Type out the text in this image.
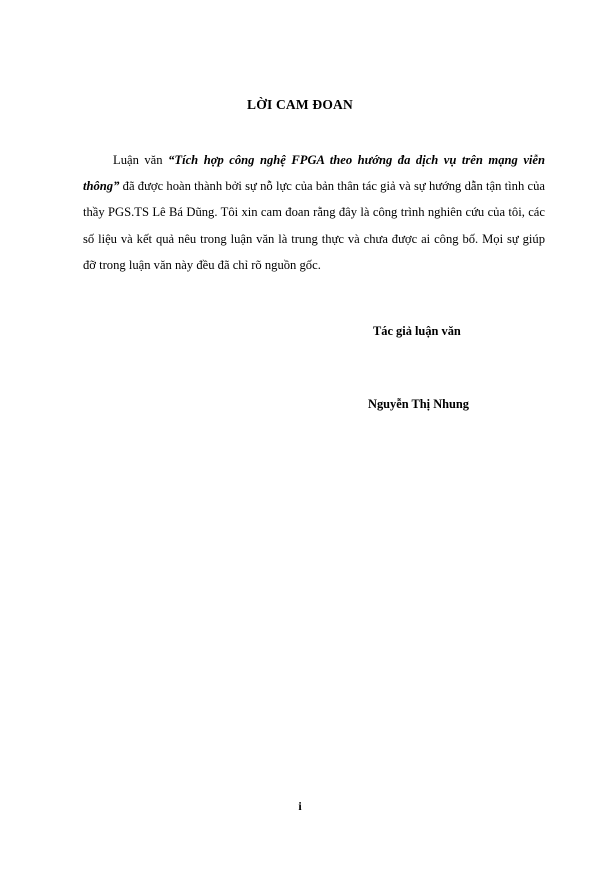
LỜI CAM ĐOAN

Luận văn “Tích hợp công nghệ FPGA theo hướng đa dịch vụ trên mạng viễn thông” đã được hoàn thành bởi sự nỗ lực của bản thân tác giả và sự hướng dẫn tận tình của thầy PGS.TS Lê Bá Dũng. Tôi xin cam đoan rằng đây là công trình nghiên cứu của tôi, các số liệu và kết quả nêu trong luận văn là trung thực và chưa được ai công bố. Mọi sự giúp đỡ trong luận văn này đều đã chỉ rõ nguồn gốc.

Tác giả luận văn
Nguyễn Thị Nhung
i
